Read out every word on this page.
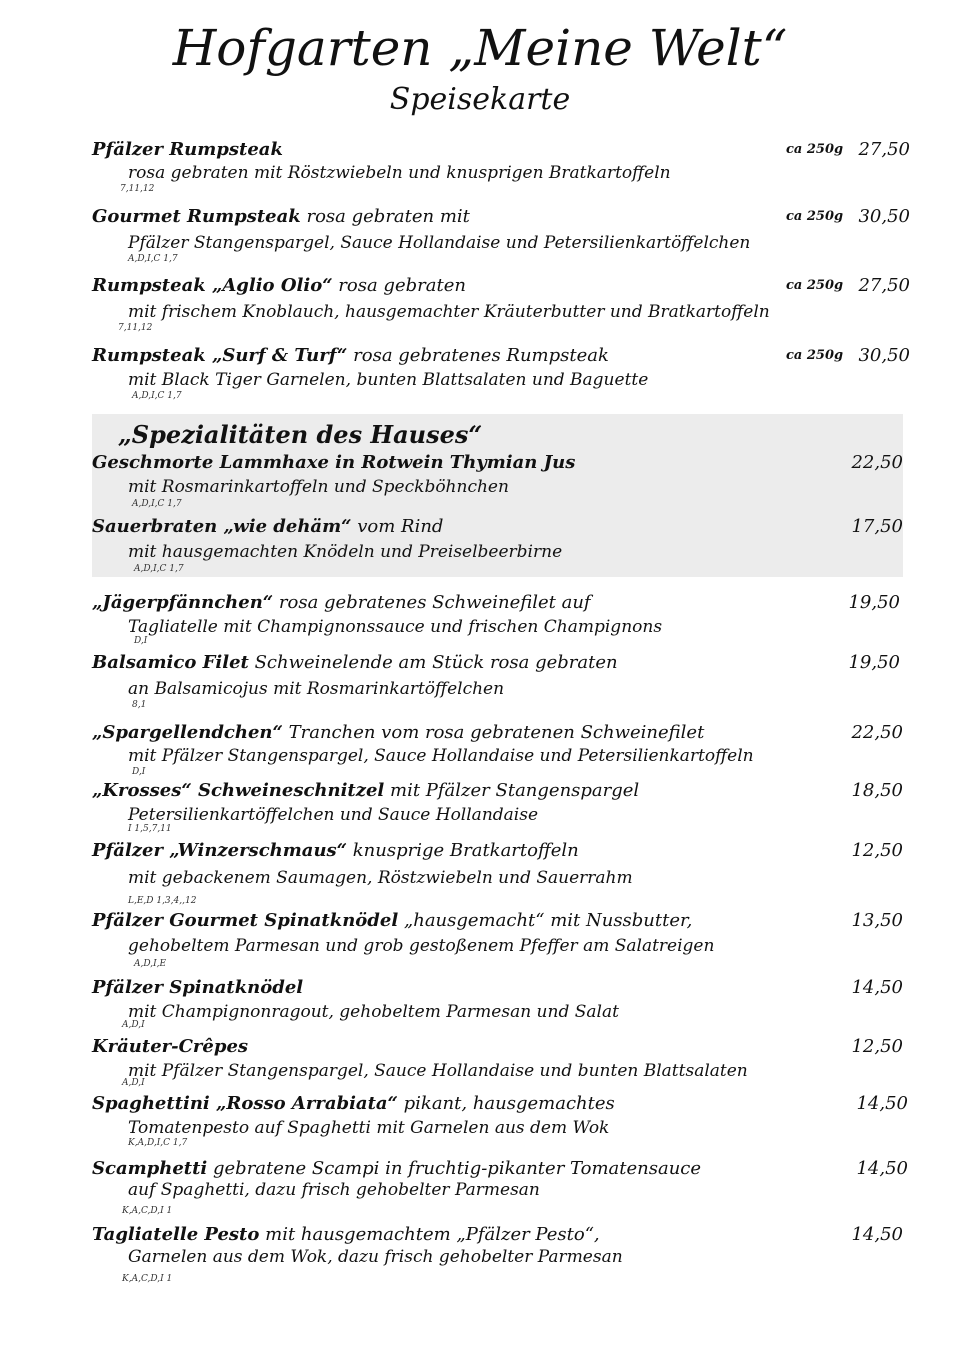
Hofgarten „Meine Welt“
Speisekarte
Pfälzer Rumpsteak	ca 250g 27,50
rosa gebraten mit Röstzwiebeln und knusprigen Bratkartoffeln
7,11,12
Gourmet Rumpsteak rosa gebraten mit	ca 250g 30,50
Pfälzer Stangenspargel, Sauce Hollandaise und Petersilienkartöffelchen
A,D,I,C 1,7
Rumpsteak „Aglio Olio“ rosa gebraten	ca 250g 27,50
mit frischem Knoblauch, hausgemachter Kräuterbutter und Bratkartoffeln
7,11,12
Rumpsteak „Surf & Turf“ rosa gebratenes Rumpsteak	ca 250g 30,50
mit Black Tiger Garnelen, bunten Blattsalaten und Baguette
A,D,I,C 1,7
„Spezialitäten des Hauses“
Geschmorte Lammhaxe in Rotwein Thymian Jus	22,50
mit Rosmarinkartoffeln und Speckböhnchen
A,D,I,C 1,7
Sauerbraten „wie dehäm“ vom Rind	17,50
mit hausgemachten Knödeln und Preiselbeerbirne
A,D,I,C 1,7
„Jägerpfännchen“ rosa gebratenes Schweinefilet auf	19,50
Tagliatelle mit Champignonssauce und frischen Champignons
D,I
Balsamico Filet Schweinelende am Stück rosa gebraten	19,50
an Balsamicojus mit Rosmarinkartöffelchen
8,1
„Spargellendchen“ Tranchen vom rosa gebratenen Schweinefilet	22,50
mit Pfälzer Stangenspargel, Sauce Hollandaise und Petersilienkartoffeln
D,I
„Krosses“ Schweineschnitzel mit Pfälzer Stangenspargel	18,50
Petersilienkartöffelchen und Sauce Hollandaise
I 1,5,7,11
Pfälzer „Winzerschmaus“ knusprige Bratkartoffeln	12,50
mit gebackenem Saumagen, Röstzwiebeln und Sauerrahm
L,E,D 1,3,4,,12
Pfälzer Gourmet Spinatknödel „hausgemacht“ mit Nussbutter,	13,50
gehobeltem Parmesan und grob gestoßenem Pfeffer am Salatreigen
A,D,I,E
Pfälzer Spinatknödel	14,50
mit Champignonragout, gehobeltem Parmesan und Salat
A,D,I
Kräuter-Crêpes	12,50
mit Pfälzer Stangenspargel, Sauce Hollandaise und bunten Blattsalaten
A,D,I
Spaghettini „Rosso Arrabiata“ pikant, hausgemachtes	14,50
Tomatenpesto auf Spaghetti mit Garnelen aus dem Wok
K,A,D,I,C 1,7
Scamphetti gebratene Scampi in fruchtig-pikanter Tomatensauce	14,50
auf Spaghetti, dazu frisch gehobelter Parmesan
K,A,C,D,I 1
Tagliatelle Pesto mit hausgemachtem „Pfälzer Pesto“,	14,50
Garnelen aus dem Wok, dazu frisch gehobelter Parmesan
K,A,C,D,I 1
